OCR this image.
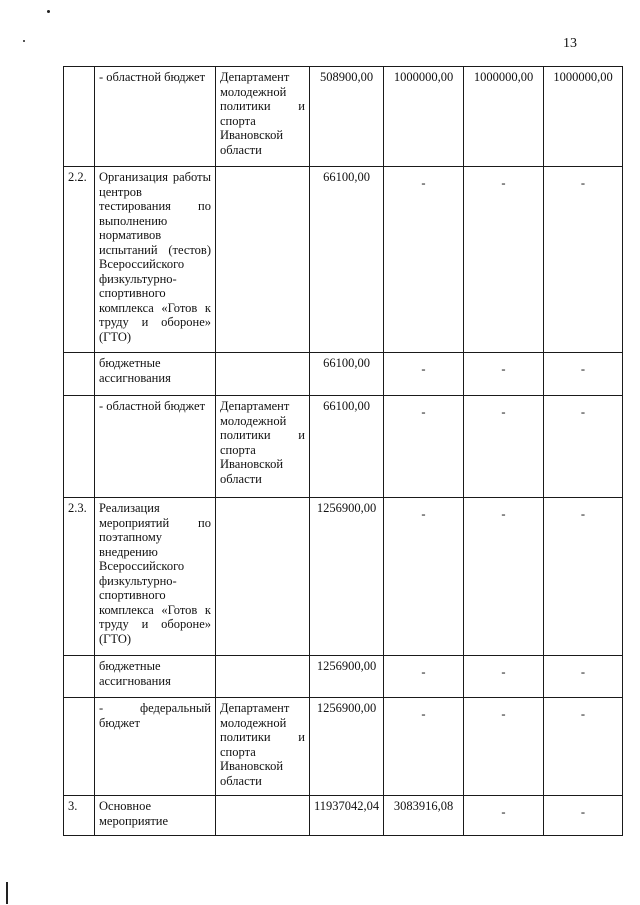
13
	- областной бюджет	Департамент молодежной политики и спорта Ивановской области	508900,00	1000000,00	1000000,00	1000000,00
2.2.	Организация работы центров тестирования по выполнению нормативов испытаний (тестов) Всероссийского физкультурно-спортивного комплекса «Готов к труду и обороне» (ГТО)		66100,00	-	-	-
	бюджетные ассигнования		66100,00	-	-	-
	- областной бюджет	Департамент молодежной политики и спорта Ивановской области	66100,00	-	-	-
2.3.	Реализация мероприятий по поэтапному внедрению Всероссийского физкультурно-спортивного комплекса «Готов к труду и обороне» (ГТО)		1256900,00	-	-	-
	бюджетные ассигнования		1256900,00	-	-	-
	- федеральный бюджет	Департамент молодежной политики и спорта Ивановской области	1256900,00	-	-	-
3.	Основное мероприятие		11937042,04	3083916,08	-	-
